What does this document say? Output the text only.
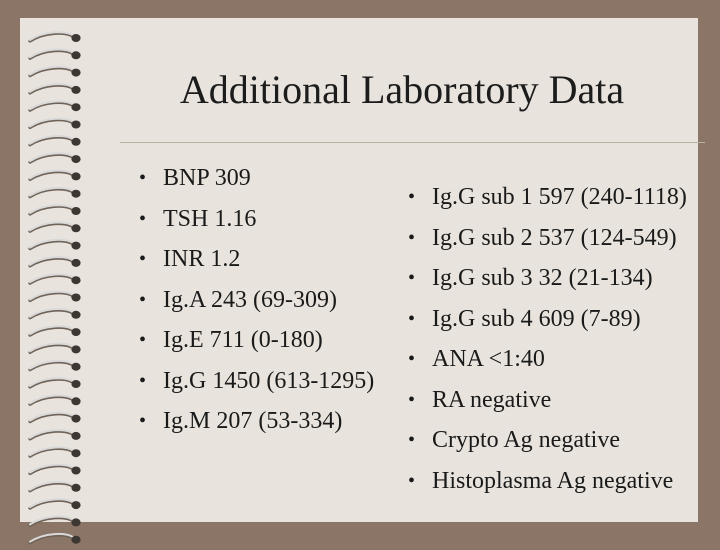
Additional Laboratory Data
• BNP 309
• TSH 1.16
• INR 1.2
• Ig.A 243 (69-309)
• Ig.E 711 (0-180)
• Ig.G 1450 (613-1295)
• Ig.M 207 (53-334)
• Ig.G sub 1 597 (240-1118)
• Ig.G sub 2 537 (124-549)
• Ig.G sub 3 32 (21-134)
• Ig.G sub 4 609 (7-89)
• ANA <1:40
• RA negative
• Crypto Ag negative
• Histoplasma Ag negative
